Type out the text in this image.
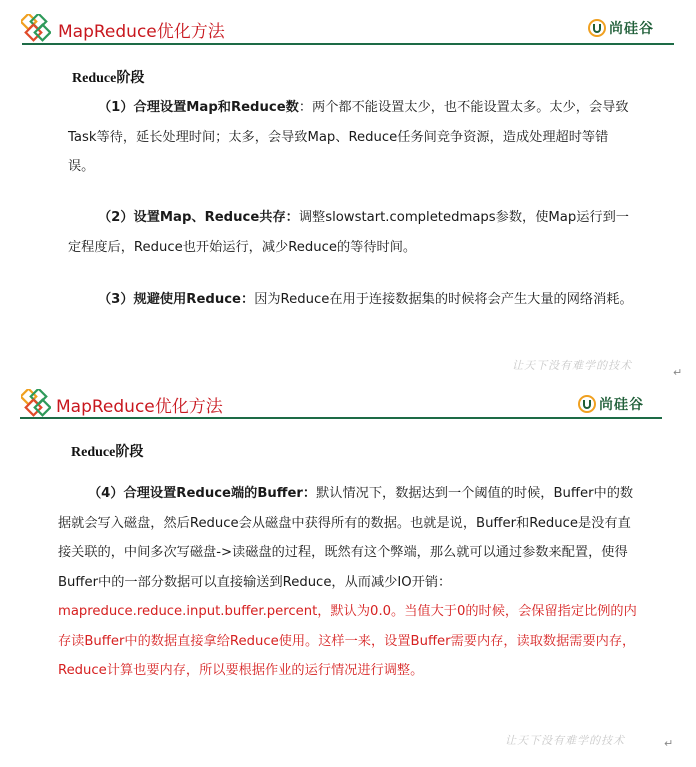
MapReduce优化方法	尚硅谷
Reduce阶段
（1）合理设置Map和Reduce数：两个都不能设置太少，也不能设置太多。太少，会导致Task等待，延长处理时间；太多，会导致Map、Reduce任务间竞争资源，造成处理超时等错误。
（2）设置Map、Reduce共存：调整slowstart.completedmaps参数，使Map运行到一定程度后，Reduce也开始运行，减少Reduce的等待时间。
（3）规避使用Reduce：因为Reduce在用于连接数据集的时候将会产生大量的网络消耗。
让天下没有难学的技术
↵
MapReduce优化方法	尚硅谷
Reduce阶段
（4）合理设置Reduce端的Buffer：默认情况下，数据达到一个阈值的时候，Buffer中的数据就会写入磁盘，然后Reduce会从磁盘中获得所有的数据。也就是说，Buffer和Reduce是没有直接关联的，中间多次写磁盘->读磁盘的过程，既然有这个弊端，那么就可以通过参数来配置，使得Buffer中的一部分数据可以直接输送到Reduce，从而减少IO开销：mapreduce.reduce.input.buffer.percent，默认为0.0。当值大于0的时候，会保留指定比例的内存读Buffer中的数据直接拿给Reduce使用。这样一来，设置Buffer需要内存，读取数据需要内存，Reduce计算也要内存，所以要根据作业的运行情况进行调整。
让天下没有难学的技术	↵
